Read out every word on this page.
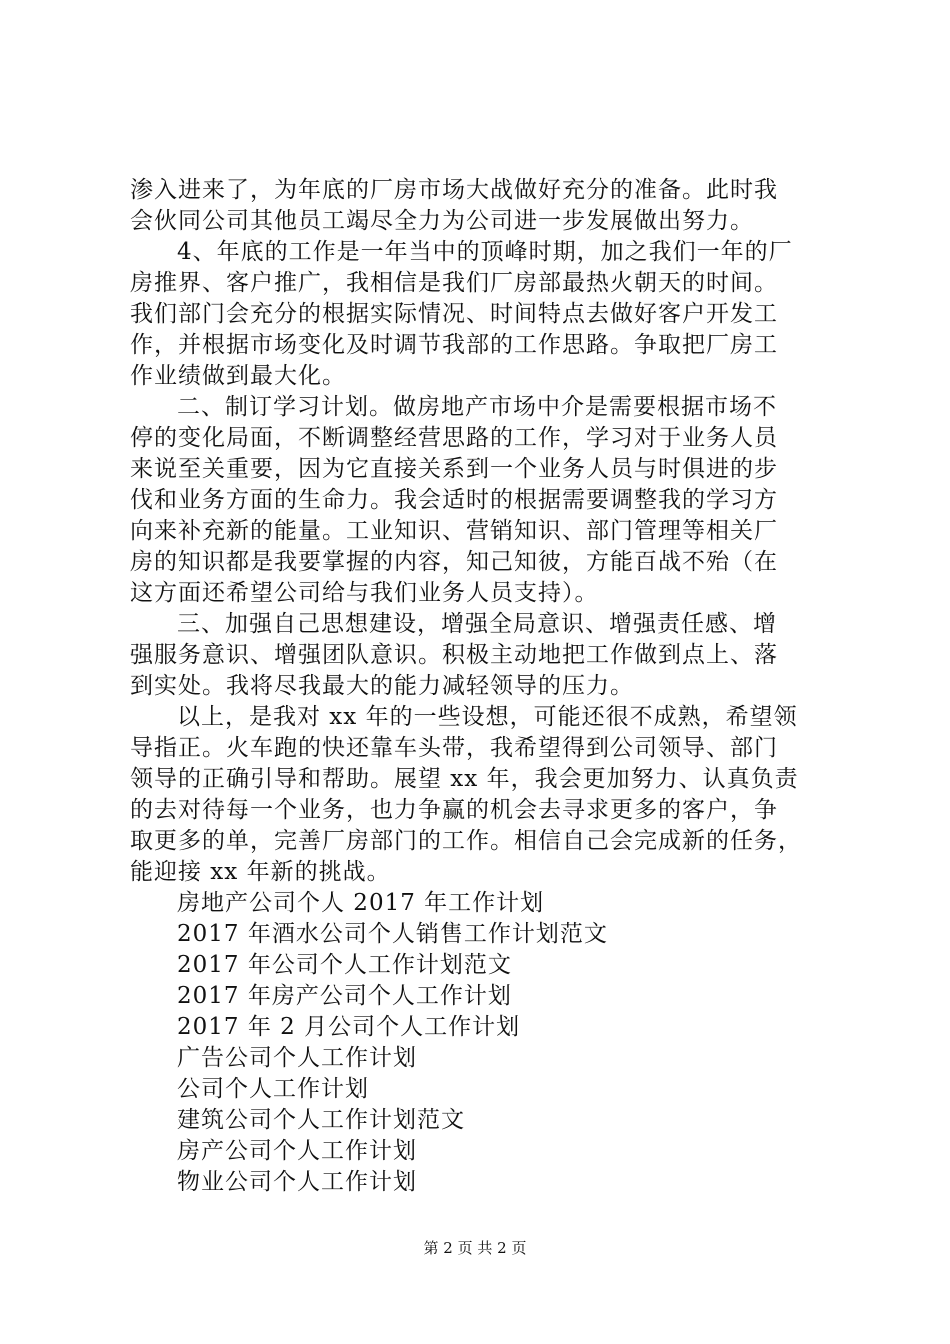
渗入进来了，为年底的厂房市场大战做好充分的准备。此时我
会伙同公司其他员工竭尽全力为公司进一步发展做出努力。
4、年底的工作是一年当中的顶峰时期，加之我们一年的厂
房推界、客户推广，我相信是我们厂房部最热火朝天的时间。
我们部门会充分的根据实际情况、时间特点去做好客户开发工
作，并根据市场变化及时调节我部的工作思路。争取把厂房工
作业绩做到最大化。
二、制订学习计划。做房地产市场中介是需要根据市场不
停的变化局面，不断调整经营思路的工作，学习对于业务人员
来说至关重要，因为它直接关系到一个业务人员与时俱进的步
伐和业务方面的生命力。我会适时的根据需要调整我的学习方
向来补充新的能量。工业知识、营销知识、部门管理等相关厂
房的知识都是我要掌握的内容，知己知彼，方能百战不殆（在
这方面还希望公司给与我们业务人员支持）。
三、加强自己思想建设，增强全局意识、增强责任感、增
强服务意识、增强团队意识。积极主动地把工作做到点上、落
到实处。我将尽我最大的能力减轻领导的压力。
以上，是我对 xx 年的一些设想，可能还很不成熟，希望领
导指正。火车跑的快还靠车头带，我希望得到公司领导、部门
领导的正确引导和帮助。展望 xx 年，我会更加努力、认真负责
的去对待每一个业务，也力争赢的机会去寻求更多的客户，争
取更多的单，完善厂房部门的工作。相信自己会完成新的任务，
能迎接 xx 年新的挑战。
房地产公司个人 2017 年工作计划
2017 年酒水公司个人销售工作计划范文
2017 年公司个人工作计划范文
2017 年房产公司个人工作计划
2017 年 2 月公司个人工作计划
广告公司个人工作计划
公司个人工作计划
建筑公司个人工作计划范文
房产公司个人工作计划
物业公司个人工作计划
第 2 页 共 2 页
